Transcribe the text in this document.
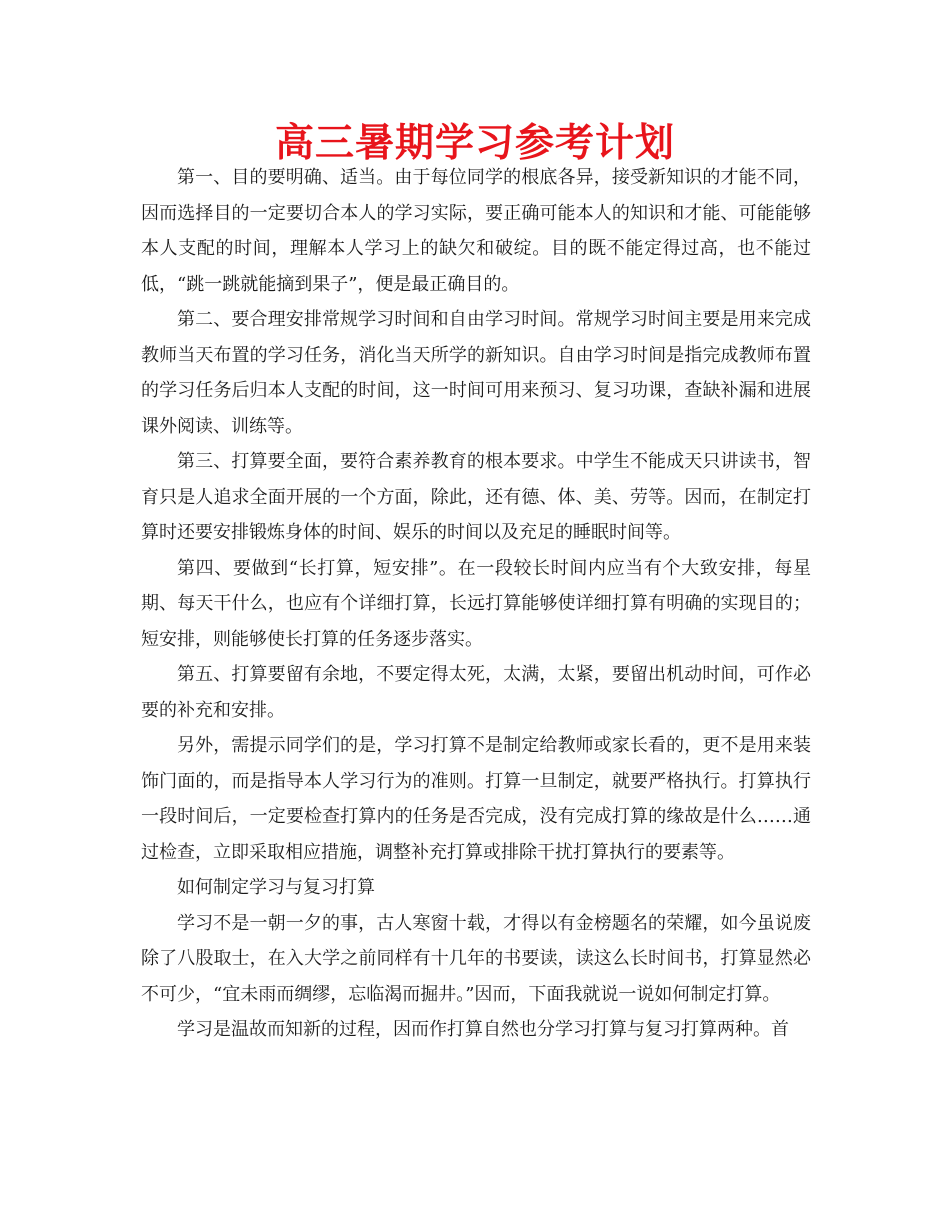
高三暑期学习参考计划

第一、目的要明确、适当。由于每位同学的根底各异，接受新知识的才能不同，因而选择目的一定要切合本人的学习实际，要正确可能本人的知识和才能、可能能够本人支配的时间，理解本人学习上的缺欠和破绽。目的既不能定得过高，也不能过低，“跳一跳就能摘到果子”，便是最正确目的。

第二、要合理安排常规学习时间和自由学习时间。常规学习时间主要是用来完成教师当天布置的学习任务，消化当天所学的新知识。自由学习时间是指完成教师布置的学习任务后归本人支配的时间，这一时间可用来预习、复习功课，查缺补漏和进展课外阅读、训练等。

第三、打算要全面，要符合素养教育的根本要求。中学生不能成天只讲读书，智育只是人追求全面开展的一个方面，除此，还有德、体、美、劳等。因而，在制定打算时还要安排锻炼身体的时间、娱乐的时间以及充足的睡眠时间等。

第四、要做到“长打算，短安排”。在一段较长时间内应当有个大致安排，每星期、每天干什么，也应有个详细打算，长远打算能够使详细打算有明确的实现目的；短安排，则能够使长打算的任务逐步落实。

第五、打算要留有余地，不要定得太死，太满，太紧，要留出机动时间，可作必要的补充和安排。

另外，需提示同学们的是，学习打算不是制定给教师或家长看的，更不是用来装饰门面的，而是指导本人学习行为的准则。打算一旦制定，就要严格执行。打算执行一段时间后，一定要检查打算内的任务是否完成，没有完成打算的缘故是什么……通过检查，立即采取相应措施，调整补充打算或排除干扰打算执行的要素等。

如何制定学习与复习打算

学习不是一朝一夕的事，古人寒窗十载，才得以有金榜题名的荣耀，如今虽说废除了八股取士，在入大学之前同样有十几年的书要读，读这么长时间书，打算显然必不可少，“宜未雨而绸缪，忘临渴而掘井。”因而，下面我就说一说如何制定打算。

学习是温故而知新的过程，因而作打算自然也分学习打算与复习打算两种。首
